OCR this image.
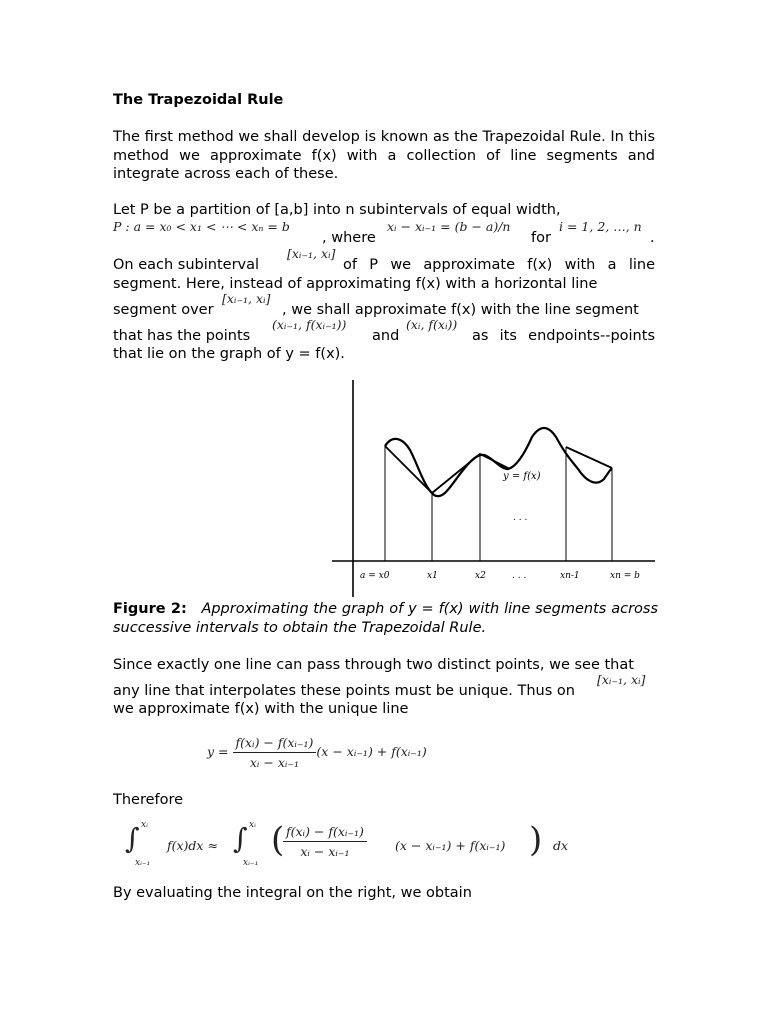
The Trapezoidal Rule
The first method we shall develop is known as the Trapezoidal Rule. In this method we approximate f(x) with a collection of line segments and integrate across each of these.
Let P be a partition of [a,b] into n subintervals of equal width,
P : a = x₀ < x₁ < ⋯ < xₙ = b
, where
xᵢ − xᵢ₋₁ = (b − a)/n
for
i = 1, 2, …, n
.
On each subinterval
[xᵢ₋₁, xᵢ]
of P we approximate f(x) with a line
segment. Here, instead of approximating f(x) with a horizontal line
segment over
[xᵢ₋₁, xᵢ]
, we shall approximate f(x) with the line segment
that has the points
(xᵢ₋₁, f(xᵢ₋₁))
and
(xᵢ, f(xᵢ))
as its endpoints--points
that lie on the graph of y = f(x).
y = f(x)
. . .
a = x0	x1	x2	. . .	xn-1	xn = b
Figure 2: Approximating the graph of y = f(x) with line segments across successive intervals to obtain the Trapezoidal Rule.
Since exactly one line can pass through two distinct points, we see that
any line that interpolates these points must be unique. Thus on
[xᵢ₋₁, xᵢ]
we approximate f(x) with the unique line
$y = \frac{\text{f(xᵢ) − f(xᵢ₋₁)}}{\text{xᵢ − xᵢ₋₁}} (x$ − xᵢ₋₁) + f(xᵢ₋₁)
Therefore
∫ xᵢ
xᵢ₋₁
f(x)dx ≈ ∫ xᵢ
xᵢ₋₁
(
$\frac{\text{f(xᵢ) − f(xᵢ₋₁)}}{\text{xᵢ − xᵢ₋₁}} (x$ − xᵢ₋₁) + f(xᵢ₋₁) ) dx
By evaluating the integral on the right, we obtain
